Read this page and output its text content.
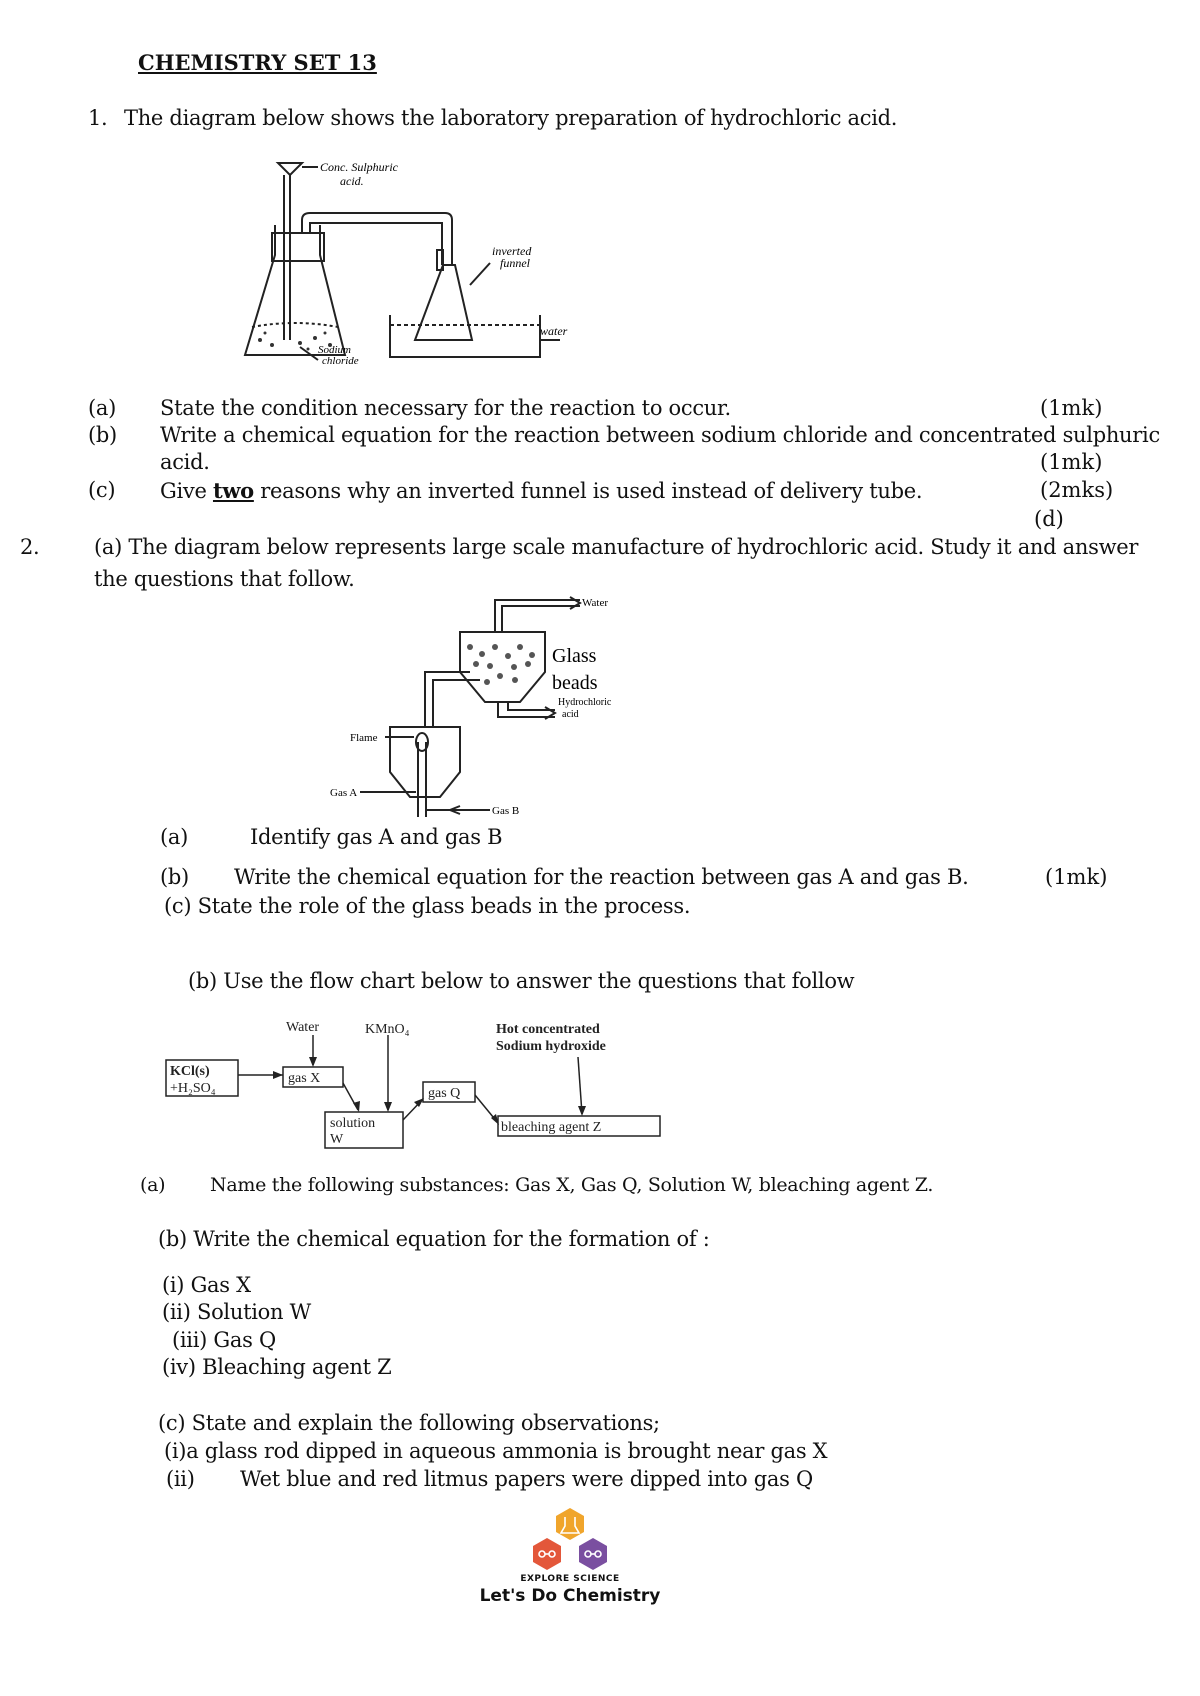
CHEMISTRY SET 13
1. The diagram below shows the laboratory preparation of hydrochloric acid.
Conc. Sulphuric
acid.
inverted
funnel
water
Sodium
chloride
(a) State the condition necessary for the reaction to occur.	(1mk)
(b) Write a chemical equation for the reaction between sodium chloride and concentrated sulphuric
acid.	(1mk)
(c) Give two reasons why an inverted funnel is used instead of delivery tube.	(2mks)
(d)
2.	(a) The diagram below represents large scale manufacture of hydrochloric acid. Study it and answer
the questions that follow.
Water
Glass
beads
Hydrochloric
acid
Flame
Gas A
Gas B
(a)	Identify gas A and gas B
(b) Write the chemical equation for the reaction between gas A and gas B.	(1mk)
(c) State the role of the glass beads in the process.
(b) Use the flow chart below to answer the questions that follow
Water	KMnO₄	Hot concentrated
Sodium hydroxide
KCl(s)
+H₂SO₄
gas X
solution
W
gas Q
bleaching agent Z
(a) Name the following substances: Gas X, Gas Q, Solution W, bleaching agent Z.
(b) Write the chemical equation for the formation of :
(i) Gas X
(ii) Solution W
(iii) Gas Q
(iv) Bleaching agent Z
(c) State and explain the following observations;
(i)a glass rod dipped in aqueous ammonia is brought near gas X
(ii) Wet blue and red litmus papers were dipped into gas Q
EXPLORE SCIENCE
Let's Do Chemistry
